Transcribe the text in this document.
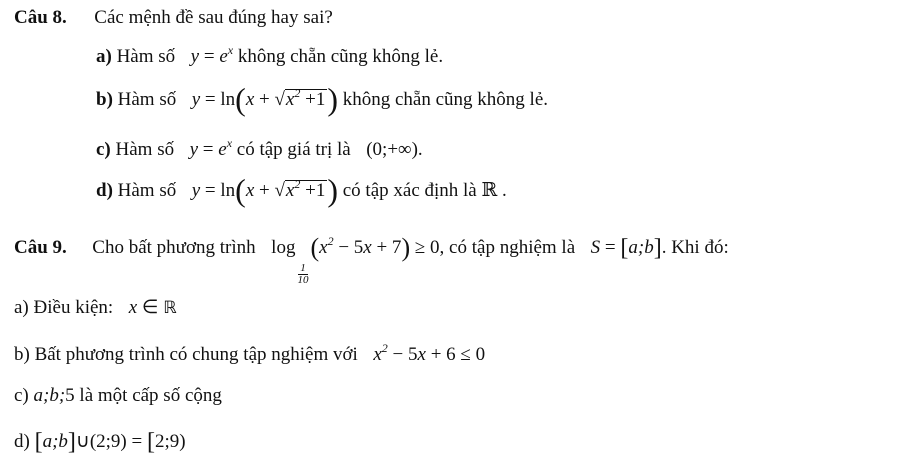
Câu 8. Các mệnh đề sau đúng hay sai?
a) Hàm số $y = e^x$ không chẵn cũng không lẻ.
b) Hàm số $y = \ln(x + √x^2 +1)$ không chẵn cũng không lẻ.
c) Hàm số $y = e^x$ có tập giá trị là (0;+∞).
d) Hàm số $y = \ln(x + √x^2 +1)$ có tập xác định là ℝ .
Câu 9. Cho bất phương trình log
$\frac{1}{10}$
$(x^2 - 5x + 7) \ge 0$, có tập nghiệm là S = [a;b]. Khi đó:
a) Điều kiện: x ∈ ℝ
b) Bất phương trình có chung tập nghiệm với $x^2 - 5x + 6 \le 0$
c) a;b;5 là một cấp số cộng
d) [a;b]∪(2;9) = [2;9)
